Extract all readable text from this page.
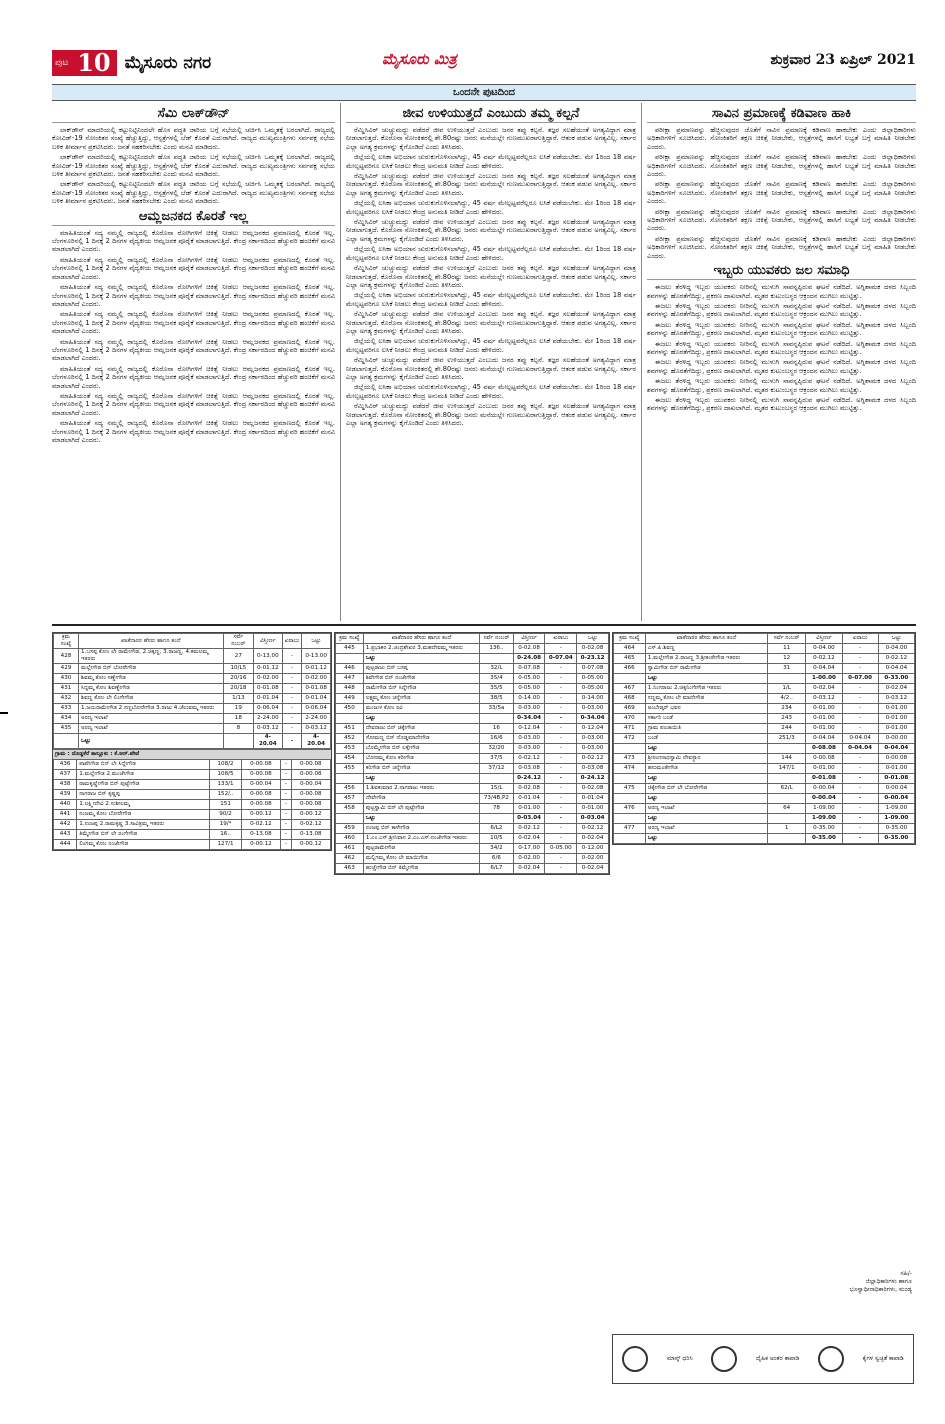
ಪುಟ 10 ಮೈಸೂರು ನಗರ	ಮೈಸೂರು ಮಿತ್ರ	ಶುಕ್ರವಾರ 23 ಏಪ್ರಿಲ್ 2021
ಒಂದನೇ ಪುಟದಿಂದ
ಸೆಮಿ ಲಾಕ್‌ಡೌನ್

ಲಾಕ್‌ಡೌನ್ ಮಾದರಿಯಲ್ಲಿ ಕಟ್ಟುನಿಟ್ಟಿನಿಂದಲೇ ಹೊಸ ಪದ್ಧತಿ ಜಾರಿಯ ಬಗ್ಗೆ ಸಭೆಯಲ್ಲಿ ಚರ್ಚಿಸಿ ಒಮ್ಮತಕ್ಕೆ ಬರಲಾಗಿದೆ. ರಾಜ್ಯದಲ್ಲಿ ಕೋವಿಡ್-19 ಸೋಂಕಿತರ ಸಂಖ್ಯೆ ಹೆಚ್ಚುತ್ತಿದ್ದು, ಆಸ್ಪತ್ರೆಗಳಲ್ಲಿ ಬೆಡ್ ಕೊರತೆ ಎದುರಾಗಿದೆ. ರಾಜ್ಯದ ಮುಖ್ಯಮಂತ್ರಿಗಳು ಸರ್ವಪಕ್ಷ ಸಭೆಯ ಬಳಿಕ ತೀರ್ಮಾನ ಪ್ರಕಟಿಸಿದರು. ಜನತೆ ಸಹಕರಿಸಬೇಕು ಎಂದು ಮನವಿ ಮಾಡಿದರು.

ಲಾಕ್‌ಡೌನ್ ಮಾದರಿಯಲ್ಲಿ ಕಟ್ಟುನಿಟ್ಟಿನಿಂದಲೇ ಹೊಸ ಪದ್ಧತಿ ಜಾರಿಯ ಬಗ್ಗೆ ಸಭೆಯಲ್ಲಿ ಚರ್ಚಿಸಿ ಒಮ್ಮತಕ್ಕೆ ಬರಲಾಗಿದೆ. ರಾಜ್ಯದಲ್ಲಿ ಕೋವಿಡ್-19 ಸೋಂಕಿತರ ಸಂಖ್ಯೆ ಹೆಚ್ಚುತ್ತಿದ್ದು, ಆಸ್ಪತ್ರೆಗಳಲ್ಲಿ ಬೆಡ್ ಕೊರತೆ ಎದುರಾಗಿದೆ. ರಾಜ್ಯದ ಮುಖ್ಯಮಂತ್ರಿಗಳು ಸರ್ವಪಕ್ಷ ಸಭೆಯ ಬಳಿಕ ತೀರ್ಮಾನ ಪ್ರಕಟಿಸಿದರು. ಜನತೆ ಸಹಕರಿಸಬೇಕು ಎಂದು ಮನವಿ ಮಾಡಿದರು.

ಲಾಕ್‌ಡೌನ್ ಮಾದರಿಯಲ್ಲಿ ಕಟ್ಟುನಿಟ್ಟಿನಿಂದಲೇ ಹೊಸ ಪದ್ಧತಿ ಜಾರಿಯ ಬಗ್ಗೆ ಸಭೆಯಲ್ಲಿ ಚರ್ಚಿಸಿ ಒಮ್ಮತಕ್ಕೆ ಬರಲಾಗಿದೆ. ರಾಜ್ಯದಲ್ಲಿ ಕೋವಿಡ್-19 ಸೋಂಕಿತರ ಸಂಖ್ಯೆ ಹೆಚ್ಚುತ್ತಿದ್ದು, ಆಸ್ಪತ್ರೆಗಳಲ್ಲಿ ಬೆಡ್ ಕೊರತೆ ಎದುರಾಗಿದೆ. ರಾಜ್ಯದ ಮುಖ್ಯಮಂತ್ರಿಗಳು ಸರ್ವಪಕ್ಷ ಸಭೆಯ ಬಳಿಕ ತೀರ್ಮಾನ ಪ್ರಕಟಿಸಿದರು. ಜನತೆ ಸಹಕರಿಸಬೇಕು ಎಂದು ಮನವಿ ಮಾಡಿದರು.

ಆಮ್ಲಜನಕದ ಕೊರತೆ ಇಲ್ಲ

ಮಾಹಿತಿಯಂತೆ ಸದ್ಯ ನಮ್ಮಲ್ಲಿ ರಾಜ್ಯದಲ್ಲಿ ಕೊರೊನಾ ರೋಗಿಗಳಿಗೆ ಚಿಕಿತ್ಸೆ ನೀಡಲು ಆಮ್ಲಜನಕದ ಪ್ರಮಾಣದಲ್ಲಿ ಕೊರತೆ ಇಲ್ಲ. ಬೆಂಗಳೂರಿನಲ್ಲಿ 1 ದಿನಕ್ಕೆ 2 ದಿನಗಳ ವೈದ್ಯಕೀಯ ಆಮ್ಲಜನಕ ಪೂರೈಕೆ ಮಾಡಲಾಗುತ್ತಿದೆ. ಕೇಂದ್ರ ಸರ್ಕಾರದಿಂದ ಹೆಚ್ಚುವರಿ ಹಂಚಿಕೆಗೆ ಮನವಿ ಮಾಡಲಾಗಿದೆ ಎಂದರು.

ಮಾಹಿತಿಯಂತೆ ಸದ್ಯ ನಮ್ಮಲ್ಲಿ ರಾಜ್ಯದಲ್ಲಿ ಕೊರೊನಾ ರೋಗಿಗಳಿಗೆ ಚಿಕಿತ್ಸೆ ನೀಡಲು ಆಮ್ಲಜನಕದ ಪ್ರಮಾಣದಲ್ಲಿ ಕೊರತೆ ಇಲ್ಲ. ಬೆಂಗಳೂರಿನಲ್ಲಿ 1 ದಿನಕ್ಕೆ 2 ದಿನಗಳ ವೈದ್ಯಕೀಯ ಆಮ್ಲಜನಕ ಪೂರೈಕೆ ಮಾಡಲಾಗುತ್ತಿದೆ. ಕೇಂದ್ರ ಸರ್ಕಾರದಿಂದ ಹೆಚ್ಚುವರಿ ಹಂಚಿಕೆಗೆ ಮನವಿ ಮಾಡಲಾಗಿದೆ ಎಂದರು.

ಮಾಹಿತಿಯಂತೆ ಸದ್ಯ ನಮ್ಮಲ್ಲಿ ರಾಜ್ಯದಲ್ಲಿ ಕೊರೊನಾ ರೋಗಿಗಳಿಗೆ ಚಿಕಿತ್ಸೆ ನೀಡಲು ಆಮ್ಲಜನಕದ ಪ್ರಮಾಣದಲ್ಲಿ ಕೊರತೆ ಇಲ್ಲ. ಬೆಂಗಳೂರಿನಲ್ಲಿ 1 ದಿನಕ್ಕೆ 2 ದಿನಗಳ ವೈದ್ಯಕೀಯ ಆಮ್ಲಜನಕ ಪೂರೈಕೆ ಮಾಡಲಾಗುತ್ತಿದೆ. ಕೇಂದ್ರ ಸರ್ಕಾರದಿಂದ ಹೆಚ್ಚುವರಿ ಹಂಚಿಕೆಗೆ ಮನವಿ ಮಾಡಲಾಗಿದೆ ಎಂದರು.

ಮಾಹಿತಿಯಂತೆ ಸದ್ಯ ನಮ್ಮಲ್ಲಿ ರಾಜ್ಯದಲ್ಲಿ ಕೊರೊನಾ ರೋಗಿಗಳಿಗೆ ಚಿಕಿತ್ಸೆ ನೀಡಲು ಆಮ್ಲಜನಕದ ಪ್ರಮಾಣದಲ್ಲಿ ಕೊರತೆ ಇಲ್ಲ. ಬೆಂಗಳೂರಿನಲ್ಲಿ 1 ದಿನಕ್ಕೆ 2 ದಿನಗಳ ವೈದ್ಯಕೀಯ ಆಮ್ಲಜನಕ ಪೂರೈಕೆ ಮಾಡಲಾಗುತ್ತಿದೆ. ಕೇಂದ್ರ ಸರ್ಕಾರದಿಂದ ಹೆಚ್ಚುವರಿ ಹಂಚಿಕೆಗೆ ಮನವಿ ಮಾಡಲಾಗಿದೆ ಎಂದರು.

ಮಾಹಿತಿಯಂತೆ ಸದ್ಯ ನಮ್ಮಲ್ಲಿ ರಾಜ್ಯದಲ್ಲಿ ಕೊರೊನಾ ರೋಗಿಗಳಿಗೆ ಚಿಕಿತ್ಸೆ ನೀಡಲು ಆಮ್ಲಜನಕದ ಪ್ರಮಾಣದಲ್ಲಿ ಕೊರತೆ ಇಲ್ಲ. ಬೆಂಗಳೂರಿನಲ್ಲಿ 1 ದಿನಕ್ಕೆ 2 ದಿನಗಳ ವೈದ್ಯಕೀಯ ಆಮ್ಲಜನಕ ಪೂರೈಕೆ ಮಾಡಲಾಗುತ್ತಿದೆ. ಕೇಂದ್ರ ಸರ್ಕಾರದಿಂದ ಹೆಚ್ಚುವರಿ ಹಂಚಿಕೆಗೆ ಮನವಿ ಮಾಡಲಾಗಿದೆ ಎಂದರು.

ಮಾಹಿತಿಯಂತೆ ಸದ್ಯ ನಮ್ಮಲ್ಲಿ ರಾಜ್ಯದಲ್ಲಿ ಕೊರೊನಾ ರೋಗಿಗಳಿಗೆ ಚಿಕಿತ್ಸೆ ನೀಡಲು ಆಮ್ಲಜನಕದ ಪ್ರಮಾಣದಲ್ಲಿ ಕೊರತೆ ಇಲ್ಲ. ಬೆಂಗಳೂರಿನಲ್ಲಿ 1 ದಿನಕ್ಕೆ 2 ದಿನಗಳ ವೈದ್ಯಕೀಯ ಆಮ್ಲಜನಕ ಪೂರೈಕೆ ಮಾಡಲಾಗುತ್ತಿದೆ. ಕೇಂದ್ರ ಸರ್ಕಾರದಿಂದ ಹೆಚ್ಚುವರಿ ಹಂಚಿಕೆಗೆ ಮನವಿ ಮಾಡಲಾಗಿದೆ ಎಂದರು.

ಮಾಹಿತಿಯಂತೆ ಸದ್ಯ ನಮ್ಮಲ್ಲಿ ರಾಜ್ಯದಲ್ಲಿ ಕೊರೊನಾ ರೋಗಿಗಳಿಗೆ ಚಿಕಿತ್ಸೆ ನೀಡಲು ಆಮ್ಲಜನಕದ ಪ್ರಮಾಣದಲ್ಲಿ ಕೊರತೆ ಇಲ್ಲ. ಬೆಂಗಳೂರಿನಲ್ಲಿ 1 ದಿನಕ್ಕೆ 2 ದಿನಗಳ ವೈದ್ಯಕೀಯ ಆಮ್ಲಜನಕ ಪೂರೈಕೆ ಮಾಡಲಾಗುತ್ತಿದೆ. ಕೇಂದ್ರ ಸರ್ಕಾರದಿಂದ ಹೆಚ್ಚುವರಿ ಹಂಚಿಕೆಗೆ ಮನವಿ ಮಾಡಲಾಗಿದೆ ಎಂದರು.

ಮಾಹಿತಿಯಂತೆ ಸದ್ಯ ನಮ್ಮಲ್ಲಿ ರಾಜ್ಯದಲ್ಲಿ ಕೊರೊನಾ ರೋಗಿಗಳಿಗೆ ಚಿಕಿತ್ಸೆ ನೀಡಲು ಆಮ್ಲಜನಕದ ಪ್ರಮಾಣದಲ್ಲಿ ಕೊರತೆ ಇಲ್ಲ. ಬೆಂಗಳೂರಿನಲ್ಲಿ 1 ದಿನಕ್ಕೆ 2 ದಿನಗಳ ವೈದ್ಯಕೀಯ ಆಮ್ಲಜನಕ ಪೂರೈಕೆ ಮಾಡಲಾಗುತ್ತಿದೆ. ಕೇಂದ್ರ ಸರ್ಕಾರದಿಂದ ಹೆಚ್ಚುವರಿ ಹಂಚಿಕೆಗೆ ಮನವಿ ಮಾಡಲಾಗಿದೆ ಎಂದರು.

ಜೀವ ಉಳಿಯುತ್ತದೆ ಎಂಬುದು ತಮ್ಮ ಕಲ್ಪನೆ

ರೆಮ್ಡಿಸಿವಿರ್ ಚುಚ್ಚುಮದ್ದು ಪಡೆದರೆ ಜೀವ ಉಳಿಯುತ್ತದೆ ಎಂಬುದು ಜನರ ತಪ್ಪು ಕಲ್ಪನೆ. ತಜ್ಞರ ಸಲಹೆಯಂತೆ ಅಗತ್ಯವಿದ್ದಾಗ ಮಾತ್ರ ನೀಡಲಾಗುತ್ತದೆ. ಕೊರೊನಾ ಸೋಂಕಿತರಲ್ಲಿ ಶೇ.80ರಷ್ಟು ಜನರು ಮನೆಯಲ್ಲೇ ಗುಣಮುಖರಾಗುತ್ತಿದ್ದಾರೆ. ಆತಂಕ ಪಡುವ ಅಗತ್ಯವಿಲ್ಲ. ಸರ್ಕಾರ ಎಲ್ಲಾ ಅಗತ್ಯ ಕ್ರಮಗಳನ್ನು ಕೈಗೊಂಡಿದೆ ಎಂದು ತಿಳಿಸಿದರು.

ಜಿಲ್ಲೆಯಲ್ಲಿ ಲಸಿಕಾ ಅಭಿಯಾನ ಚುರುಕುಗೊಳಿಸಲಾಗಿದ್ದು, 45 ವರ್ಷ ಮೇಲ್ಪಟ್ಟವರೆಲ್ಲರೂ ಲಸಿಕೆ ಪಡೆಯಬೇಕು. ಮೇ 1ರಿಂದ 18 ವರ್ಷ ಮೇಲ್ಪಟ್ಟವರಿಗೂ ಲಸಿಕೆ ನೀಡಲು ಕೇಂದ್ರ ಅನುಮತಿ ನೀಡಿದೆ ಎಂದು ಹೇಳಿದರು.

ರೆಮ್ಡಿಸಿವಿರ್ ಚುಚ್ಚುಮದ್ದು ಪಡೆದರೆ ಜೀವ ಉಳಿಯುತ್ತದೆ ಎಂಬುದು ಜನರ ತಪ್ಪು ಕಲ್ಪನೆ. ತಜ್ಞರ ಸಲಹೆಯಂತೆ ಅಗತ್ಯವಿದ್ದಾಗ ಮಾತ್ರ ನೀಡಲಾಗುತ್ತದೆ. ಕೊರೊನಾ ಸೋಂಕಿತರಲ್ಲಿ ಶೇ.80ರಷ್ಟು ಜನರು ಮನೆಯಲ್ಲೇ ಗುಣಮುಖರಾಗುತ್ತಿದ್ದಾರೆ. ಆತಂಕ ಪಡುವ ಅಗತ್ಯವಿಲ್ಲ. ಸರ್ಕಾರ ಎಲ್ಲಾ ಅಗತ್ಯ ಕ್ರಮಗಳನ್ನು ಕೈಗೊಂಡಿದೆ ಎಂದು ತಿಳಿಸಿದರು.

ಜಿಲ್ಲೆಯಲ್ಲಿ ಲಸಿಕಾ ಅಭಿಯಾನ ಚುರುಕುಗೊಳಿಸಲಾಗಿದ್ದು, 45 ವರ್ಷ ಮೇಲ್ಪಟ್ಟವರೆಲ್ಲರೂ ಲಸಿಕೆ ಪಡೆಯಬೇಕು. ಮೇ 1ರಿಂದ 18 ವರ್ಷ ಮೇಲ್ಪಟ್ಟವರಿಗೂ ಲಸಿಕೆ ನೀಡಲು ಕೇಂದ್ರ ಅನುಮತಿ ನೀಡಿದೆ ಎಂದು ಹೇಳಿದರು.

ರೆಮ್ಡಿಸಿವಿರ್ ಚುಚ್ಚುಮದ್ದು ಪಡೆದರೆ ಜೀವ ಉಳಿಯುತ್ತದೆ ಎಂಬುದು ಜನರ ತಪ್ಪು ಕಲ್ಪನೆ. ತಜ್ಞರ ಸಲಹೆಯಂತೆ ಅಗತ್ಯವಿದ್ದಾಗ ಮಾತ್ರ ನೀಡಲಾಗುತ್ತದೆ. ಕೊರೊನಾ ಸೋಂಕಿತರಲ್ಲಿ ಶೇ.80ರಷ್ಟು ಜನರು ಮನೆಯಲ್ಲೇ ಗುಣಮುಖರಾಗುತ್ತಿದ್ದಾರೆ. ಆತಂಕ ಪಡುವ ಅಗತ್ಯವಿಲ್ಲ. ಸರ್ಕಾರ ಎಲ್ಲಾ ಅಗತ್ಯ ಕ್ರಮಗಳನ್ನು ಕೈಗೊಂಡಿದೆ ಎಂದು ತಿಳಿಸಿದರು.

ಜಿಲ್ಲೆಯಲ್ಲಿ ಲಸಿಕಾ ಅಭಿಯಾನ ಚುರುಕುಗೊಳಿಸಲಾಗಿದ್ದು, 45 ವರ್ಷ ಮೇಲ್ಪಟ್ಟವರೆಲ್ಲರೂ ಲಸಿಕೆ ಪಡೆಯಬೇಕು. ಮೇ 1ರಿಂದ 18 ವರ್ಷ ಮೇಲ್ಪಟ್ಟವರಿಗೂ ಲಸಿಕೆ ನೀಡಲು ಕೇಂದ್ರ ಅನುಮತಿ ನೀಡಿದೆ ಎಂದು ಹೇಳಿದರು.

ರೆಮ್ಡಿಸಿವಿರ್ ಚುಚ್ಚುಮದ್ದು ಪಡೆದರೆ ಜೀವ ಉಳಿಯುತ್ತದೆ ಎಂಬುದು ಜನರ ತಪ್ಪು ಕಲ್ಪನೆ. ತಜ್ಞರ ಸಲಹೆಯಂತೆ ಅಗತ್ಯವಿದ್ದಾಗ ಮಾತ್ರ ನೀಡಲಾಗುತ್ತದೆ. ಕೊರೊನಾ ಸೋಂಕಿತರಲ್ಲಿ ಶೇ.80ರಷ್ಟು ಜನರು ಮನೆಯಲ್ಲೇ ಗುಣಮುಖರಾಗುತ್ತಿದ್ದಾರೆ. ಆತಂಕ ಪಡುವ ಅಗತ್ಯವಿಲ್ಲ. ಸರ್ಕಾರ ಎಲ್ಲಾ ಅಗತ್ಯ ಕ್ರಮಗಳನ್ನು ಕೈಗೊಂಡಿದೆ ಎಂದು ತಿಳಿಸಿದರು.

ಜಿಲ್ಲೆಯಲ್ಲಿ ಲಸಿಕಾ ಅಭಿಯಾನ ಚುರುಕುಗೊಳಿಸಲಾಗಿದ್ದು, 45 ವರ್ಷ ಮೇಲ್ಪಟ್ಟವರೆಲ್ಲರೂ ಲಸಿಕೆ ಪಡೆಯಬೇಕು. ಮೇ 1ರಿಂದ 18 ವರ್ಷ ಮೇಲ್ಪಟ್ಟವರಿಗೂ ಲಸಿಕೆ ನೀಡಲು ಕೇಂದ್ರ ಅನುಮತಿ ನೀಡಿದೆ ಎಂದು ಹೇಳಿದರು.

ರೆಮ್ಡಿಸಿವಿರ್ ಚುಚ್ಚುಮದ್ದು ಪಡೆದರೆ ಜೀವ ಉಳಿಯುತ್ತದೆ ಎಂಬುದು ಜನರ ತಪ್ಪು ಕಲ್ಪನೆ. ತಜ್ಞರ ಸಲಹೆಯಂತೆ ಅಗತ್ಯವಿದ್ದಾಗ ಮಾತ್ರ ನೀಡಲಾಗುತ್ತದೆ. ಕೊರೊನಾ ಸೋಂಕಿತರಲ್ಲಿ ಶೇ.80ರಷ್ಟು ಜನರು ಮನೆಯಲ್ಲೇ ಗುಣಮುಖರಾಗುತ್ತಿದ್ದಾರೆ. ಆತಂಕ ಪಡುವ ಅಗತ್ಯವಿಲ್ಲ. ಸರ್ಕಾರ ಎಲ್ಲಾ ಅಗತ್ಯ ಕ್ರಮಗಳನ್ನು ಕೈಗೊಂಡಿದೆ ಎಂದು ತಿಳಿಸಿದರು.

ಜಿಲ್ಲೆಯಲ್ಲಿ ಲಸಿಕಾ ಅಭಿಯಾನ ಚುರುಕುಗೊಳಿಸಲಾಗಿದ್ದು, 45 ವರ್ಷ ಮೇಲ್ಪಟ್ಟವರೆಲ್ಲರೂ ಲಸಿಕೆ ಪಡೆಯಬೇಕು. ಮೇ 1ರಿಂದ 18 ವರ್ಷ ಮೇಲ್ಪಟ್ಟವರಿಗೂ ಲಸಿಕೆ ನೀಡಲು ಕೇಂದ್ರ ಅನುಮತಿ ನೀಡಿದೆ ಎಂದು ಹೇಳಿದರು.

ರೆಮ್ಡಿಸಿವಿರ್ ಚುಚ್ಚುಮದ್ದು ಪಡೆದರೆ ಜೀವ ಉಳಿಯುತ್ತದೆ ಎಂಬುದು ಜನರ ತಪ್ಪು ಕಲ್ಪನೆ. ತಜ್ಞರ ಸಲಹೆಯಂತೆ ಅಗತ್ಯವಿದ್ದಾಗ ಮಾತ್ರ ನೀಡಲಾಗುತ್ತದೆ. ಕೊರೊನಾ ಸೋಂಕಿತರಲ್ಲಿ ಶೇ.80ರಷ್ಟು ಜನರು ಮನೆಯಲ್ಲೇ ಗುಣಮುಖರಾಗುತ್ತಿದ್ದಾರೆ. ಆತಂಕ ಪಡುವ ಅಗತ್ಯವಿಲ್ಲ. ಸರ್ಕಾರ ಎಲ್ಲಾ ಅಗತ್ಯ ಕ್ರಮಗಳನ್ನು ಕೈಗೊಂಡಿದೆ ಎಂದು ತಿಳಿಸಿದರು.

ಜಿಲ್ಲೆಯಲ್ಲಿ ಲಸಿಕಾ ಅಭಿಯಾನ ಚುರುಕುಗೊಳಿಸಲಾಗಿದ್ದು, 45 ವರ್ಷ ಮೇಲ್ಪಟ್ಟವರೆಲ್ಲರೂ ಲಸಿಕೆ ಪಡೆಯಬೇಕು. ಮೇ 1ರಿಂದ 18 ವರ್ಷ ಮೇಲ್ಪಟ್ಟವರಿಗೂ ಲಸಿಕೆ ನೀಡಲು ಕೇಂದ್ರ ಅನುಮತಿ ನೀಡಿದೆ ಎಂದು ಹೇಳಿದರು.

ರೆಮ್ಡಿಸಿವಿರ್ ಚುಚ್ಚುಮದ್ದು ಪಡೆದರೆ ಜೀವ ಉಳಿಯುತ್ತದೆ ಎಂಬುದು ಜನರ ತಪ್ಪು ಕಲ್ಪನೆ. ತಜ್ಞರ ಸಲಹೆಯಂತೆ ಅಗತ್ಯವಿದ್ದಾಗ ಮಾತ್ರ ನೀಡಲಾಗುತ್ತದೆ. ಕೊರೊನಾ ಸೋಂಕಿತರಲ್ಲಿ ಶೇ.80ರಷ್ಟು ಜನರು ಮನೆಯಲ್ಲೇ ಗುಣಮುಖರಾಗುತ್ತಿದ್ದಾರೆ. ಆತಂಕ ಪಡುವ ಅಗತ್ಯವಿಲ್ಲ. ಸರ್ಕಾರ ಎಲ್ಲಾ ಅಗತ್ಯ ಕ್ರಮಗಳನ್ನು ಕೈಗೊಂಡಿದೆ ಎಂದು ತಿಳಿಸಿದರು.

ಸಾವಿನ ಪ್ರಮಾಣಕ್ಕೆ ಕಡಿವಾಣ ಹಾಕಿ

ಪರೀಕ್ಷಾ ಪ್ರಮಾಣವನ್ನು ಹೆಚ್ಚಿಸುವುದರ ಜೊತೆಗೆ ಸಾವಿನ ಪ್ರಮಾಣಕ್ಕೆ ಕಡಿವಾಣ ಹಾಕಬೇಕು ಎಂದು ಜಿಲ್ಲಾಧಿಕಾರಿಗಳು ಅಧಿಕಾರಿಗಳಿಗೆ ಸೂಚಿಸಿದರು. ಸೋಂಕಿತರಿಗೆ ತಕ್ಷಣ ಚಿಕಿತ್ಸೆ ನೀಡಬೇಕು, ಆಸ್ಪತ್ರೆಗಳಲ್ಲಿ ಹಾಸಿಗೆ ಲಭ್ಯತೆ ಬಗ್ಗೆ ಮಾಹಿತಿ ನೀಡಬೇಕು ಎಂದರು.

ಪರೀಕ್ಷಾ ಪ್ರಮಾಣವನ್ನು ಹೆಚ್ಚಿಸುವುದರ ಜೊತೆಗೆ ಸಾವಿನ ಪ್ರಮಾಣಕ್ಕೆ ಕಡಿವಾಣ ಹಾಕಬೇಕು ಎಂದು ಜಿಲ್ಲಾಧಿಕಾರಿಗಳು ಅಧಿಕಾರಿಗಳಿಗೆ ಸೂಚಿಸಿದರು. ಸೋಂಕಿತರಿಗೆ ತಕ್ಷಣ ಚಿಕಿತ್ಸೆ ನೀಡಬೇಕು, ಆಸ್ಪತ್ರೆಗಳಲ್ಲಿ ಹಾಸಿಗೆ ಲಭ್ಯತೆ ಬಗ್ಗೆ ಮಾಹಿತಿ ನೀಡಬೇಕು ಎಂದರು.

ಪರೀಕ್ಷಾ ಪ್ರಮಾಣವನ್ನು ಹೆಚ್ಚಿಸುವುದರ ಜೊತೆಗೆ ಸಾವಿನ ಪ್ರಮಾಣಕ್ಕೆ ಕಡಿವಾಣ ಹಾಕಬೇಕು ಎಂದು ಜಿಲ್ಲಾಧಿಕಾರಿಗಳು ಅಧಿಕಾರಿಗಳಿಗೆ ಸೂಚಿಸಿದರು. ಸೋಂಕಿತರಿಗೆ ತಕ್ಷಣ ಚಿಕಿತ್ಸೆ ನೀಡಬೇಕು, ಆಸ್ಪತ್ರೆಗಳಲ್ಲಿ ಹಾಸಿಗೆ ಲಭ್ಯತೆ ಬಗ್ಗೆ ಮಾಹಿತಿ ನೀಡಬೇಕು ಎಂದರು.

ಪರೀಕ್ಷಾ ಪ್ರಮಾಣವನ್ನು ಹೆಚ್ಚಿಸುವುದರ ಜೊತೆಗೆ ಸಾವಿನ ಪ್ರಮಾಣಕ್ಕೆ ಕಡಿವಾಣ ಹಾಕಬೇಕು ಎಂದು ಜಿಲ್ಲಾಧಿಕಾರಿಗಳು ಅಧಿಕಾರಿಗಳಿಗೆ ಸೂಚಿಸಿದರು. ಸೋಂಕಿತರಿಗೆ ತಕ್ಷಣ ಚಿಕಿತ್ಸೆ ನೀಡಬೇಕು, ಆಸ್ಪತ್ರೆಗಳಲ್ಲಿ ಹಾಸಿಗೆ ಲಭ್ಯತೆ ಬಗ್ಗೆ ಮಾಹಿತಿ ನೀಡಬೇಕು ಎಂದರು.

ಪರೀಕ್ಷಾ ಪ್ರಮಾಣವನ್ನು ಹೆಚ್ಚಿಸುವುದರ ಜೊತೆಗೆ ಸಾವಿನ ಪ್ರಮಾಣಕ್ಕೆ ಕಡಿವಾಣ ಹಾಕಬೇಕು ಎಂದು ಜಿಲ್ಲಾಧಿಕಾರಿಗಳು ಅಧಿಕಾರಿಗಳಿಗೆ ಸೂಚಿಸಿದರು. ಸೋಂಕಿತರಿಗೆ ತಕ್ಷಣ ಚಿಕಿತ್ಸೆ ನೀಡಬೇಕು, ಆಸ್ಪತ್ರೆಗಳಲ್ಲಿ ಹಾಸಿಗೆ ಲಭ್ಯತೆ ಬಗ್ಗೆ ಮಾಹಿತಿ ನೀಡಬೇಕು ಎಂದರು.

ಇಬ್ಬರು ಯುವಕರು ಜಲ ಸಮಾಧಿ

ಈಜಲು ತೆರಳಿದ್ದ ಇಬ್ಬರು ಯುವಕರು ನೀರಿನಲ್ಲಿ ಮುಳುಗಿ ಸಾವನ್ನಪ್ಪಿರುವ ಘಟನೆ ನಡೆದಿದೆ. ಅಗ್ನಿಶಾಮಕ ದಳದ ಸಿಬ್ಬಂದಿ ಶವಗಳನ್ನು ಹೊರತೆಗೆದಿದ್ದು, ಪ್ರಕರಣ ದಾಖಲಾಗಿದೆ. ಮೃತರ ಕುಟುಂಬಸ್ಥರ ಆಕ್ರಂದನ ಮುಗಿಲು ಮುಟ್ಟಿತ್ತು.

ಈಜಲು ತೆರಳಿದ್ದ ಇಬ್ಬರು ಯುವಕರು ನೀರಿನಲ್ಲಿ ಮುಳುಗಿ ಸಾವನ್ನಪ್ಪಿರುವ ಘಟನೆ ನಡೆದಿದೆ. ಅಗ್ನಿಶಾಮಕ ದಳದ ಸಿಬ್ಬಂದಿ ಶವಗಳನ್ನು ಹೊರತೆಗೆದಿದ್ದು, ಪ್ರಕರಣ ದಾಖಲಾಗಿದೆ. ಮೃತರ ಕುಟುಂಬಸ್ಥರ ಆಕ್ರಂದನ ಮುಗಿಲು ಮುಟ್ಟಿತ್ತು.

ಈಜಲು ತೆರಳಿದ್ದ ಇಬ್ಬರು ಯುವಕರು ನೀರಿನಲ್ಲಿ ಮುಳುಗಿ ಸಾವನ್ನಪ್ಪಿರುವ ಘಟನೆ ನಡೆದಿದೆ. ಅಗ್ನಿಶಾಮಕ ದಳದ ಸಿಬ್ಬಂದಿ ಶವಗಳನ್ನು ಹೊರತೆಗೆದಿದ್ದು, ಪ್ರಕರಣ ದಾಖಲಾಗಿದೆ. ಮೃತರ ಕುಟುಂಬಸ್ಥರ ಆಕ್ರಂದನ ಮುಗಿಲು ಮುಟ್ಟಿತ್ತು.

ಈಜಲು ತೆರಳಿದ್ದ ಇಬ್ಬರು ಯುವಕರು ನೀರಿನಲ್ಲಿ ಮುಳುಗಿ ಸಾವನ್ನಪ್ಪಿರುವ ಘಟನೆ ನಡೆದಿದೆ. ಅಗ್ನಿಶಾಮಕ ದಳದ ಸಿಬ್ಬಂದಿ ಶವಗಳನ್ನು ಹೊರತೆಗೆದಿದ್ದು, ಪ್ರಕರಣ ದಾಖಲಾಗಿದೆ. ಮೃತರ ಕುಟುಂಬಸ್ಥರ ಆಕ್ರಂದನ ಮುಗಿಲು ಮುಟ್ಟಿತ್ತು.

ಈಜಲು ತೆರಳಿದ್ದ ಇಬ್ಬರು ಯುವಕರು ನೀರಿನಲ್ಲಿ ಮುಳುಗಿ ಸಾವನ್ನಪ್ಪಿರುವ ಘಟನೆ ನಡೆದಿದೆ. ಅಗ್ನಿಶಾಮಕ ದಳದ ಸಿಬ್ಬಂದಿ ಶವಗಳನ್ನು ಹೊರತೆಗೆದಿದ್ದು, ಪ್ರಕರಣ ದಾಖಲಾಗಿದೆ. ಮೃತರ ಕುಟುಂಬಸ್ಥರ ಆಕ್ರಂದನ ಮುಗಿಲು ಮುಟ್ಟಿತ್ತು.

ಈಜಲು ತೆರಳಿದ್ದ ಇಬ್ಬರು ಯುವಕರು ನೀರಿನಲ್ಲಿ ಮುಳುಗಿ ಸಾವನ್ನಪ್ಪಿರುವ ಘಟನೆ ನಡೆದಿದೆ. ಅಗ್ನಿಶಾಮಕ ದಳದ ಸಿಬ್ಬಂದಿ ಶವಗಳನ್ನು ಹೊರತೆಗೆದಿದ್ದು, ಪ್ರಕರಣ ದಾಖಲಾಗಿದೆ. ಮೃತರ ಕುಟುಂಬಸ್ಥರ ಆಕ್ರಂದನ ಮುಗಿಲು ಮುಟ್ಟಿತ್ತು.

ಈಜಲು ತೆರಳಿದ್ದ ಇಬ್ಬರು ಯುವಕರು ನೀರಿನಲ್ಲಿ ಮುಳುಗಿ ಸಾವನ್ನಪ್ಪಿರುವ ಘಟನೆ ನಡೆದಿದೆ. ಅಗ್ನಿಶಾಮಕ ದಳದ ಸಿಬ್ಬಂದಿ ಶವಗಳನ್ನು ಹೊರತೆಗೆದಿದ್ದು, ಪ್ರಕರಣ ದಾಖಲಾಗಿದೆ. ಮೃತರ ಕುಟುಂಬಸ್ಥರ ಆಕ್ರಂದನ ಮುಗಿಲು ಮುಟ್ಟಿತ್ತು.

ಕ್ರಮ ಸಂಖ್ಯೆ	ಖಾತೆದಾರರ ಹೆಸರು ಹಾಗೂ ತಂದೆ	ಸರ್ವೆ ನಂಬರ್	ವಿಸ್ತೀರ್ಣ	ಖರಾಬು	ಒಟ್ಟು
428	1.ಬಸಪ್ಪ ಕೋಂ ಲೇ ರಾಮೇಗೌಡ, 2.ಚಿಕ್ಕಣ್ಣ, 3.ರಾಜಣ್ಣ, 4.ಕಮಲಮ್ಮ ಇತರರು	27	0-13.00	-	0-13.00
429	ಮಲ್ಲೇಗೌಡ ಬಿನ್ ಬೋರೇಗೌಡ	10/L5	0-01.12	-	0-01.12
430	ಶಿವಮ್ಮ ಕೋಂ ಸಣ್ಣೇಗೌಡ	20/16	0-02.00	-	0-02.00
431	ಸಿದ್ದಮ್ಮ ಕೋಂ ಶಿವಣ್ಣೇಗೌಡ	20/18	0-01.08	-	0-01.08
432	ಶಿವಣ್ಣ ಕೋಂ ಲೇ ಲಿಂಗೇಗೌಡ	1/13	0-01.04	-	0-01.04
433	1.ಜಯರಾಮೇಗೌಡ 2.ಸಣ್ಣಬೋರೇಗೌಡ 3.ರಾಜು 4.ಚೆಲುವಮ್ಮ ಇತರರು	19	0-06.04	-	0-06.04
434	ಅರಣ್ಯ ಇಲಾಖೆ	18	2-24.00	-	2-24.00
435	ಅರಣ್ಯ ಇಲಾಖೆ	8	0-03.12	-	0-03.12
	ಒಟ್ಟು		4-20.04	-	4-20.04
ಗ್ರಾಮ : ದೊಡ್ಡಕೆರೆ ತಾಲ್ಲೂಕು : ಕೆ.ಆರ್.ಪೇಟೆ
436	ಪಾಪೇಗೌಡ ಬಿನ್ ಲೇ ಸಿದ್ದೇಗೌಡ	108/2	0-00.08	-	0-00.08
437	1.ಮಲ್ಲೇಗೌಡ 2.ಮಂಜೇಗೌಡ	108/5	0-00.08	-	0-00.08
438	ರಾಮಕೃಷ್ಣೇಗೌಡ ಬಿನ್ ಪುಟ್ಟೇಗೌಡ	133/1	0-00.04	-	0-00.04
439	ನಾಗರಾಜ ಬಿನ್ ಕೃಷ್ಣಪ್ಪ	152/..	0-00.08	-	0-00.08
440	1.ಲಕ್ಷ್ಮೀದೇವಿ 2.ಸುಶೀಲಮ್ಮ	151	0-00.08	-	0-00.08
441	ನಂಜಮ್ಮ ಕೋಂ ಬೋರೇಗೌಡ	90/2	0-00.12	-	0-00.12
442	1.ನಂಜಪ್ಪ 2.ರಾಮಕೃಷ್ಣ 3.ಸಾವಿತ್ರಮ್ಮ ಇತರರು	19/*	0-02.12	-	0-02.12
443	ತಿಮ್ಮೇಗೌಡ ಬಿನ್ ಲೇ ರಂಗೇಗೌಡ	16..	0-13.08	-	0-13.08
444	ಲಿಂಗಮ್ಮ ಕೋಂ ನಂಜೇಗೌಡ	127/1	0-00.12	-	0-00.12
ಕ್ರಮ ಸಂಖ್ಯೆ	ಖಾತೆದಾರರ ಹೆಸರು ಹಾಗೂ ತಂದೆ	ಸರ್ವೆ ನಂಬರ್	ವಿಸ್ತೀರ್ಣ	ಖರಾಬು	ಒಟ್ಟು
445	1.ಪ್ರಭಾಕರ 2.ಚಂದ್ರಶೇಖರ 3.ಮಹದೇವಮ್ಮ ಇತರರು	136..	0-02.08	-	0-02.08
	ಒಟ್ಟು		0-24.08	0-07.04	0-23.12
446	ಪುಟ್ಟರಾಜು ಬಿನ್ ಬಸಪ್ಪ	32/L	0-07.08	-	0-07.08
447	ಶಿವೇಗೌಡ ಬಿನ್ ನಂಜೇಗೌಡ	35/4	0-05.00	-	0-05.00
448	ರಾಮೇಗೌಡ ಬಿನ್ ಸಿದ್ದೇಗೌಡ	35/5	0-05.00	-	0-05.00
449	ಲಕ್ಷ್ಮಮ್ಮ ಕೋಂ ಚನ್ನೇಗೌಡ	38/5	0-14.00	-	0-14.00
450	ಮಂಜುಳ ಕೋಂ ರವಿ	33/5a	0-03.00	-	0-03.00
	ಒಟ್ಟು		0-34.04	-	0-34.04
451	ದೇವರಾಜು ಬಿನ್ ಚಿಕ್ಕೇಗೌಡ	16	0-12.04	-	0-12.04
452	ಸೋಮಣ್ಣ ಬಿನ್ ದೊಡ್ಡಮಾದೇಗೌಡ	16/6	0-03.00	-	0-03.00
453	ಬೊಮ್ಮೇಗೌಡ ಬಿನ್ ಲಕ್ಕೇಗೌಡ	32/20	0-03.00	-	0-03.00
454	ಬೋರಮ್ಮ ಕೋಂ ಕರೀಗೌಡ	37/5	0-02.12	-	0-02.12
455	ಕರಿಗೌಡ ಬಿನ್ ಚನ್ನೇಗೌಡ	37/12	0-03.08	-	0-03.08
	ಒಟ್ಟು		0-24.12	-	0-24.12
456	1.ಶಿವಕುಮಾರ 2.ನಾಗರಾಜು ಇತರರು	15/L	0-02.08	-	0-02.08
457	ದೇವೇಗೌಡ	73/4B,P2	0-01.04	-	0-01.04
458	ಪುಟ್ಟಸ್ವಾಮಿ ಬಿನ್ ಲೇ ಪುಟ್ಟೇಗೌಡ	78	0-01.00	-	0-01.00
	ಒಟ್ಟು		0-03.04	-	0-03.04
459	ನಂಜಪ್ಪ ಬಿನ್ ಕಾಳೇಗೌಡ	6/L2	0-02.12	-	0-02.12
460	1.ಎಂ.ಎಸ್.ಶ್ರೀನಿವಾಸ 2.ಎಂ.ಎಸ್.ನಂಜೇಗೌಡ ಇತರರು	10/5	0-02.04	-	0-02.04
461	ಪುಟ್ಟರಾಮೇಗೌಡ	34/2	0-17.00	0-05.00	0-12.00
462	ಮಲ್ಲಿಗಮ್ಮ ಕೋಂ ಲೇ ಮಾಯಿಗೌಡ	6/6	0-02.00	-	0-02.00
463	ಹುಚ್ಚೇಗೌಡ ಬಿನ್ ತಿಮ್ಮೇಗೌಡ	6/L7	0-02.04	-	0-02.04
ಕ್ರಮ ಸಂಖ್ಯೆ	ಖಾತೆದಾರರ ಹೆಸರು ಹಾಗೂ ತಂದೆ	ಸರ್ವೆ ನಂಬರ್	ವಿಸ್ತೀರ್ಣ	ಖರಾಬು	ಒಟ್ಟು
464	ಎಸ್.ಪಿ.ಶಿವಣ್ಣ	11	0-04.00	-	0-04.00
465	1.ಮಲ್ಲೇಗೌಡ 2.ರಾಜಣ್ಣ 3.ಶ್ರೀಕಂಠೇಗೌಡ ಇತರರು	12	0-02.12	-	0-02.12
466	ಸ್ವಾಮಿಗೌಡ ಬಿನ್ ರಾಮೇಗೌಡ	31	0-04.04	-	0-04.04
	ಒಟ್ಟು		1-00.00	0-07.00	0-33.00
467	1.ನಿಂಗರಾಜು 2.ಚಿಕ್ಕನಿಂಗೇಗೌಡ ಇತರರು	1/L	0-02.04	-	0-02.04
468	ಸಣ್ಣಮ್ಮ ಕೋಂ ಲೇ ಮಾದೇಗೌಡ	4/2..	0-03.12	-	0-03.12
469	ಅಂಬೇಡ್ಕರ್ ಭವನ	234	0-01.00	-	0-01.00
470	ಸರ್ಕಾರಿ ಬಂಡೆ	243	0-01.00	-	0-01.00
471	ಗ್ರಾಮ ಪಂಚಾಯಿತಿ	244	0-01.00	-	0-01.00
472	ಬಂಡೆ	251/3	0-04.04	0-04.04	0-00.00
	ಒಟ್ಟು		0-08.08	0-04.04	0-04.04
473	ಶ್ರೀರಂಗನಾಥಸ್ವಾಮಿ ದೇವಸ್ಥಾನ	144	0-00.08	-	0-00.08
474	ಹನುಮಂತೇಗೌಡ	147/1	0-01.00	-	0-01.00
	ಒಟ್ಟು		0-01.08	-	0-01.08
475	ಚಿಕ್ಕೇಗೌಡ ಬಿನ್ ಲೇ ಬೋರೇಗೌಡ	62/L	0-00.04	-	0-00.04
	ಒಟ್ಟು		0-00.04	-	0-00.04
476	ಅರಣ್ಯ ಇಲಾಖೆ	64	1-09.00	-	1-09.00
	ಒಟ್ಟು		1-09.00	-	1-09.00
477	ಅರಣ್ಯ ಇಲಾಖೆ	1	0-35.00	-	0-35.00
	ಒಟ್ಟು		0-35.00	-	0-35.00
ಸಹಿ/-
ಜಿಲ್ಲಾಧಿಕಾರಿಗಳು ಹಾಗೂ
ಭೂಸ್ವಾಧೀನಾಧಿಕಾರಿಗಳು, ಮಂಡ್ಯ
ಮಾಸ್ಕ್ ಧರಿಸಿ	ದೈಹಿಕ ಅಂತರ ಕಾಪಾಡಿ	ಕೈಗಳ ಸ್ವಚ್ಛತೆ ಕಾಪಾಡಿ
